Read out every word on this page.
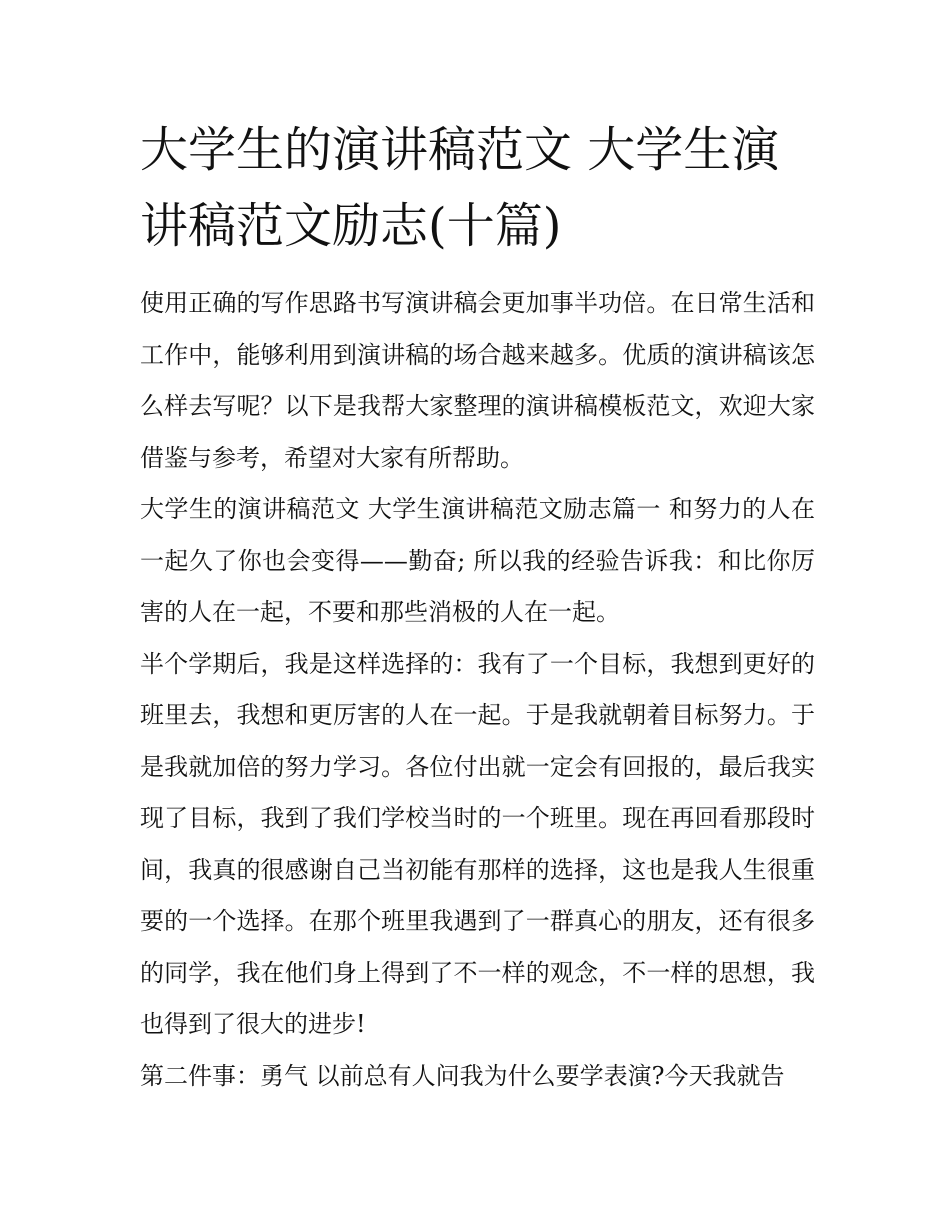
大学生的演讲稿范文 大学生演讲稿范文励志(十篇)

使用正确的写作思路书写演讲稿会更加事半功倍。在日常生活和工作中，能够利用到演讲稿的场合越来越多。优质的演讲稿该怎么样去写呢？以下是我帮大家整理的演讲稿模板范文，欢迎大家借鉴与参考，希望对大家有所帮助。

大学生的演讲稿范文 大学生演讲稿范文励志篇一 和努力的人在一起久了你也会变得——勤奋; 所以我的经验告诉我：和比你厉害的人在一起，不要和那些消极的人在一起。

半个学期后，我是这样选择的：我有了一个目标，我想到更好的班里去，我想和更厉害的人在一起。于是我就朝着目标努力。于是我就加倍的努力学习。各位付出就一定会有回报的，最后我实现了目标，我到了我们学校当时的一个班里。现在再回看那段时间，我真的很感谢自己当初能有那样的选择，这也是我人生很重要的一个选择。在那个班里我遇到了一群真心的朋友，还有很多的同学，我在他们身上得到了不一样的观念，不一样的思想，我也得到了很大的进步!

第二件事：勇气 以前总有人问我为什么要学表演?今天我就告
